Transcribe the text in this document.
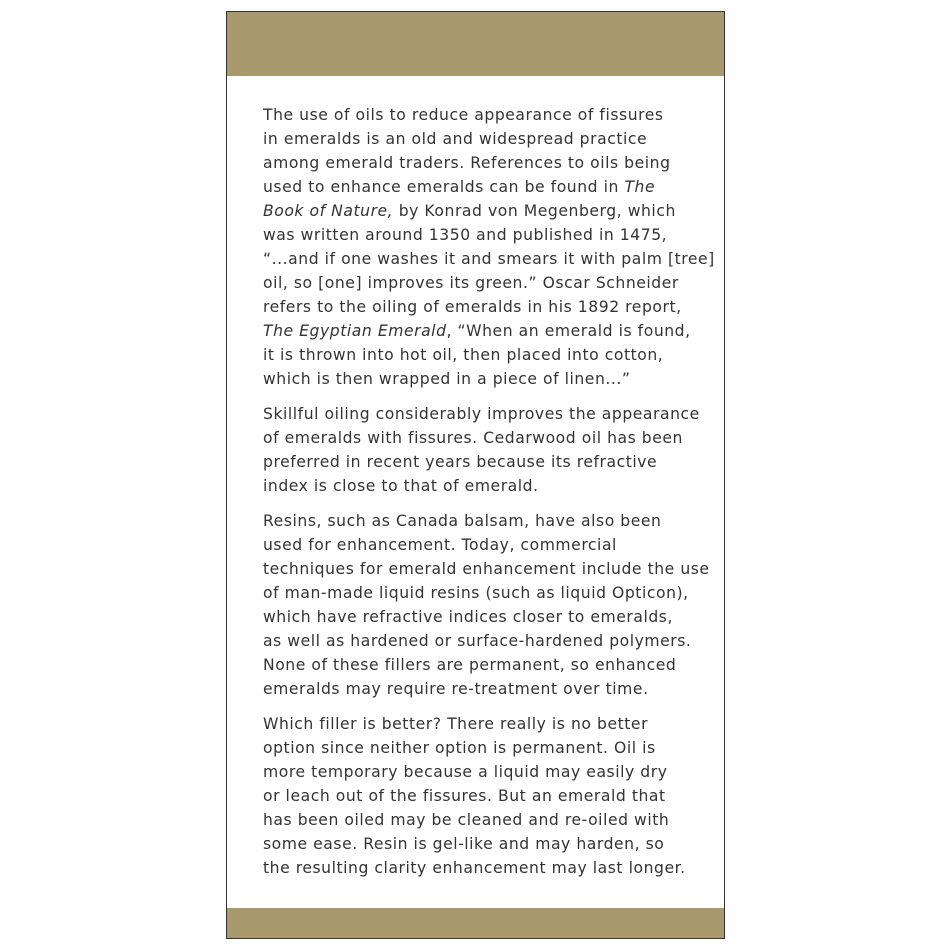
The use of oils to reduce appearance of fissures
in emeralds is an old and widespread practice
among emerald traders. References to oils being
used to enhance emeralds can be found in The
Book of Nature, by Konrad von Megenberg, which
was written around 1350 and published in 1475,
“...and if one washes it and smears it with palm [tree]
oil, so [one] improves its green.” Oscar Schneider
refers to the oiling of emeralds in his 1892 report,
The Egyptian Emerald, “When an emerald is found,
it is thrown into hot oil, then placed into cotton,
which is then wrapped in a piece of linen...”

Skillful oiling considerably improves the appearance
of emeralds with fissures. Cedarwood oil has been
preferred in recent years because its refractive
index is close to that of emerald.

Resins, such as Canada balsam, have also been
used for enhancement. Today, commercial
techniques for emerald enhancement include the use
of man-made liquid resins (such as liquid Opticon),
which have refractive indices closer to emeralds,
as well as hardened or surface-hardened polymers.
None of these fillers are permanent, so enhanced
emeralds may require re-treatment over time.

Which filler is better? There really is no better
option since neither option is permanent. Oil is
more temporary because a liquid may easily dry
or leach out of the fissures. But an emerald that
has been oiled may be cleaned and re-oiled with
some ease. Resin is gel-like and may harden, so
the resulting clarity enhancement may last longer.
